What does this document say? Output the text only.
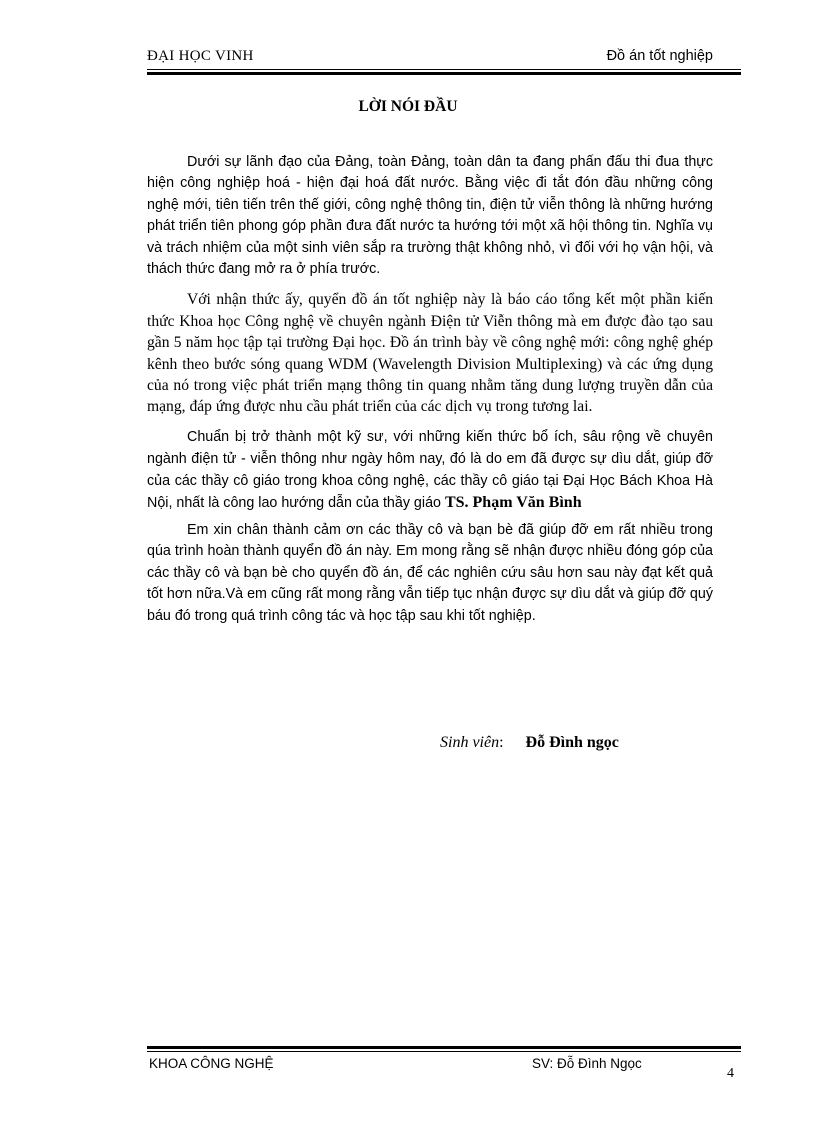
ĐẠI HỌC VINH	Đồ án tốt nghiệp
LỜI NÓI ĐẦU

Dưới sự lãnh đạo của Đảng, toàn Đảng, toàn dân ta đang phấn đấu thi đua thực hiện công nghiệp hoá - hiện đại hoá đất nước. Bằng việc đi tắt đón đầu những công nghệ mới, tiên tiến trên thế giới, công nghệ thông tin, điện tử viễn thông là những hướng phát triển tiên phong góp phần đưa đất nước ta hướng tới một xã hội thông tin. Nghĩa vụ và trách nhiệm của một sinh viên sắp ra trường thật không nhỏ, vì đối với họ vận hội, và thách thức đang mở ra ở phía trước.

Với nhận thức ấy, quyển đồ án tốt nghiệp này là báo cáo tổng kết một phần kiến thức Khoa học Công nghệ về chuyên ngành Điện tử Viễn thông mà em được đào tạo sau gần 5 năm học tập tại trường Đại học. Đồ án trình bày về công nghệ mới: công nghệ ghép kênh theo bước sóng quang WDM (Wavelength Division Multiplexing) và các ứng dụng của nó trong việc phát triển mạng thông tin quang nhằm tăng dung lượng truyền dẫn của mạng, đáp ứng được nhu cầu phát triển của các dịch vụ trong tương lai.

Chuẩn bị trở thành một kỹ sư, với những kiến thức bổ ích, sâu rộng về chuyên ngành điện tử - viễn thông như ngày hôm nay, đó là do em đã được sự dìu dắt, giúp đỡ của các thầy cô giáo trong khoa công nghệ, các thầy cô giáo tại Đại Học Bách Khoa Hà Nội, nhất là công lao hướng dẫn của thầy giáo TS. Phạm Văn Bình

Em xin chân thành cảm ơn các thầy cô và bạn bè đã giúp đỡ em rất nhiều trong qúa trình hoàn thành quyển đồ án này. Em mong rằng sẽ nhận được nhiều đóng góp của các thầy cô và bạn bè cho quyển đồ án, để các nghiên cứu sâu hơn sau này đạt kết quả tốt hơn nữa.Và em cũng rất mong rằng vẫn tiếp tục nhận được sự dìu dắt và giúp đỡ quý báu đó trong quá trình công tác và học tập sau khi tốt nghiệp.

Sinh viên: Đỗ Đình ngọc
KHOA CÔNG NGHỆ	SV: Đỗ Đình Ngọc
4
